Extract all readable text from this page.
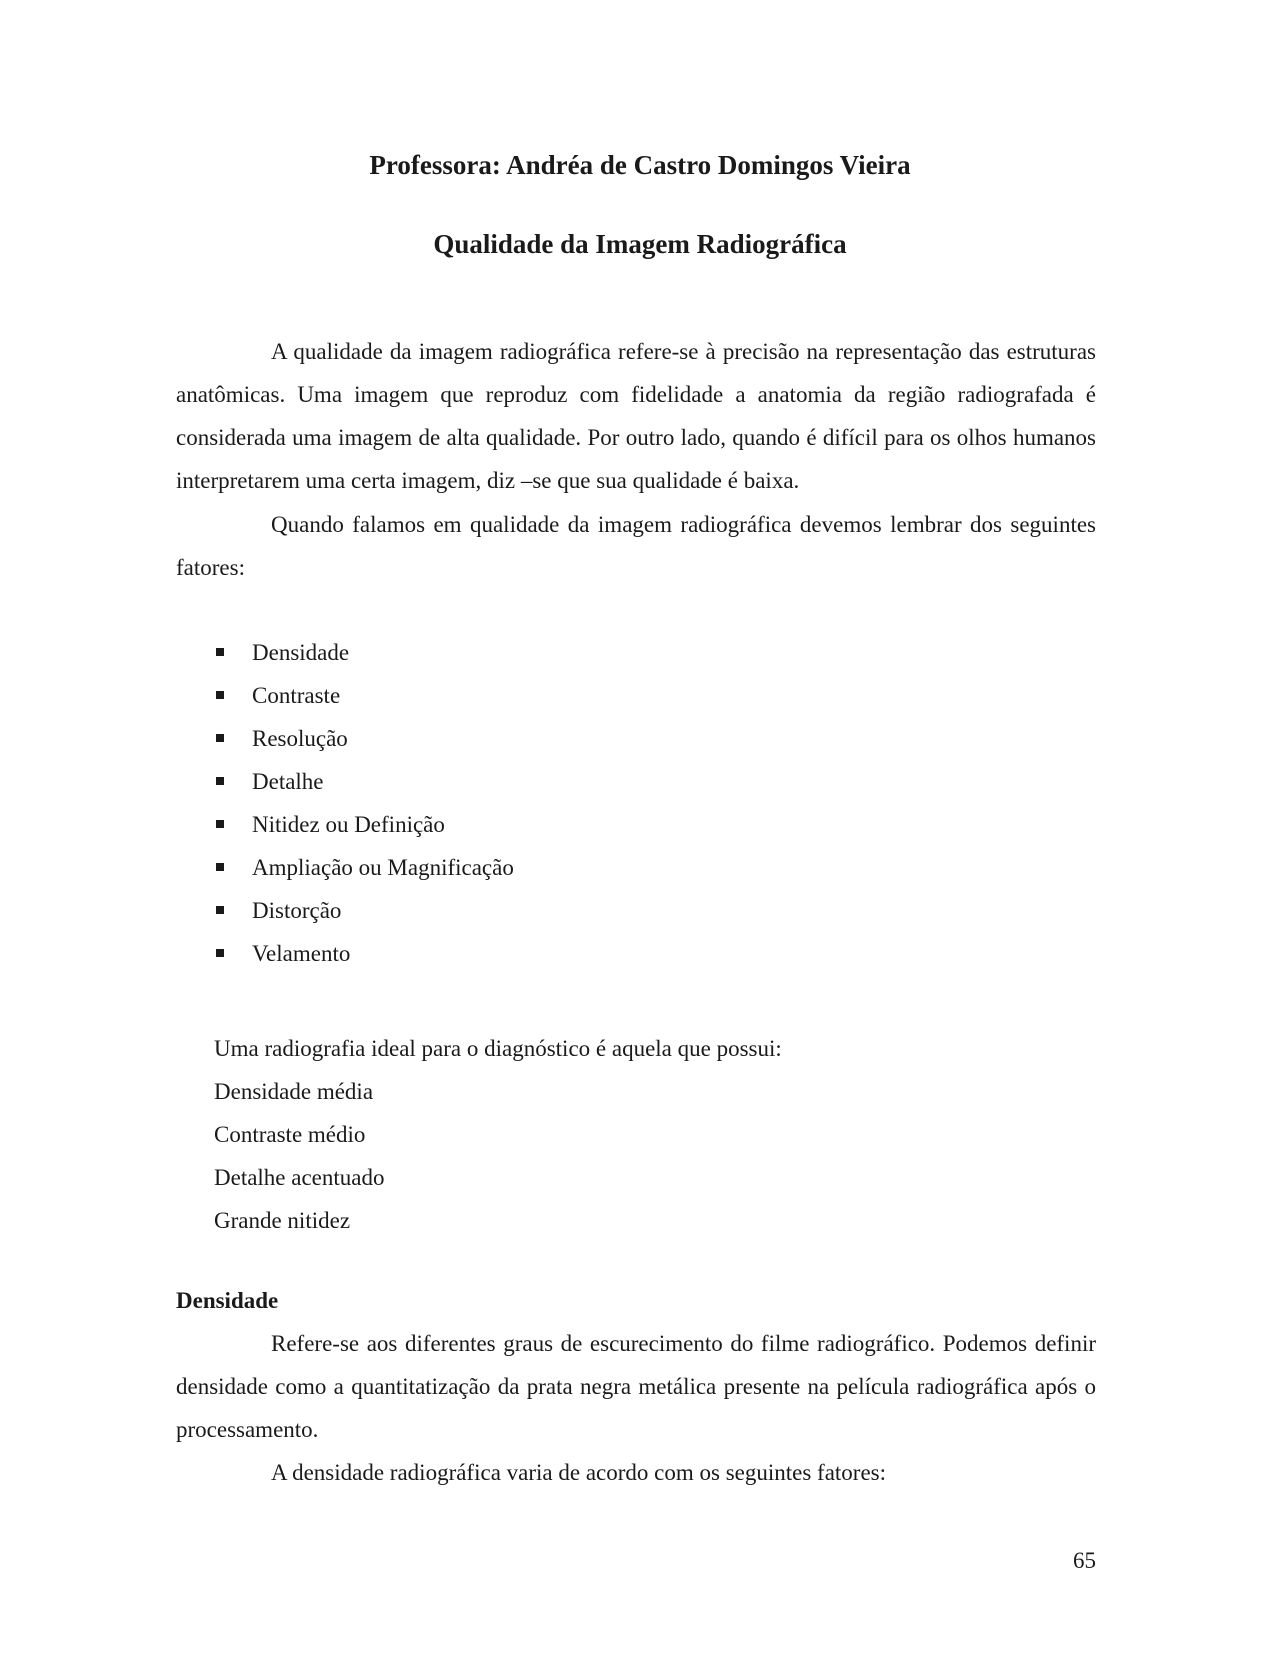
Professora: Andréa de Castro Domingos Vieira
Qualidade da Imagem Radiográfica

A qualidade da imagem radiográfica refere-se à precisão na representação das estruturas anatômicas. Uma imagem que reproduz com fidelidade a anatomia da região radiografada é considerada uma imagem de alta qualidade. Por outro lado, quando é difícil para os olhos humanos interpretarem uma certa imagem, diz –se que sua qualidade é baixa.

Quando falamos em qualidade da imagem radiográfica devemos lembrar dos seguintes fatores:

Densidade
Contraste
Resolução
Detalhe
Nitidez ou Definição
Ampliação ou Magnificação
Distorção
Velamento
Uma radiografia ideal para o diagnóstico é aquela que possui:
Densidade média
Contraste médio
Detalhe acentuado
Grande nitidez
Densidade

Refere-se aos diferentes graus de escurecimento do filme radiográfico. Podemos definir densidade como a quantitatização da prata negra metálica presente na película radiográfica após o processamento.

A densidade radiográfica varia de acordo com os seguintes fatores:

65
